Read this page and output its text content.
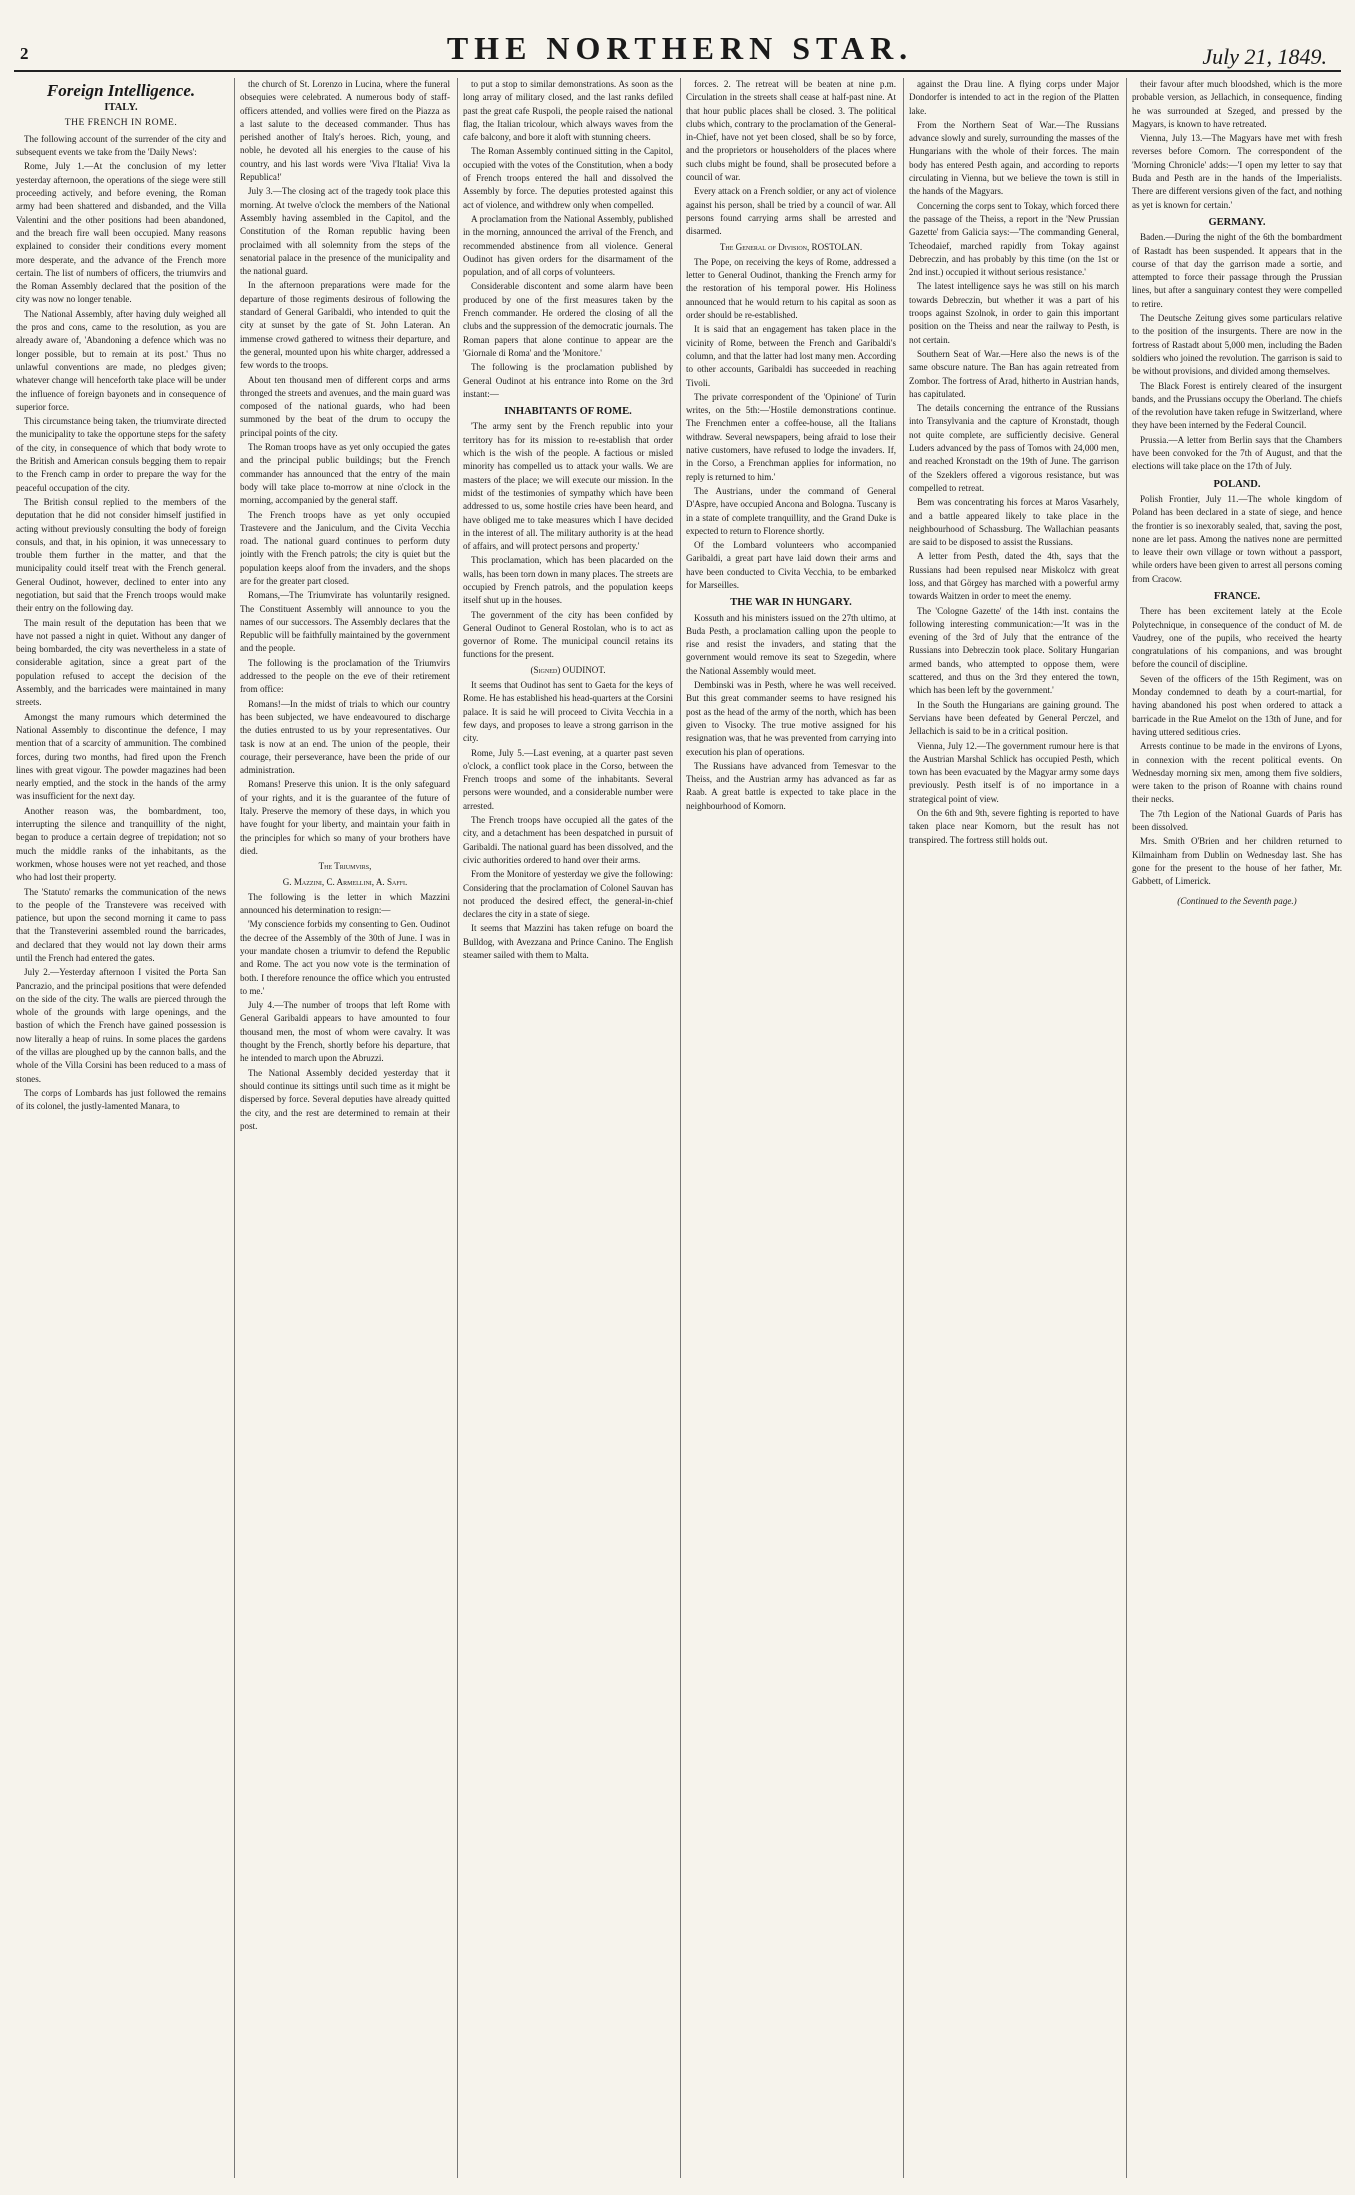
2	THE NORTHERN STAR.	July 21, 1849.
Foreign Intelligence.
ITALY.
THE FRENCH IN ROME.

The following account of the surrender of the city and subsequent events we take from the 'Daily News':

Rome, July 1.—At the conclusion of my letter yesterday afternoon, the operations of the siege were still proceeding actively, and before evening, the Roman army had been shattered and disbanded, and the Villa Valentini and the other positions had been abandoned, and the breach fire wall been occupied. Many reasons explained to consider their conditions every moment more desperate, and the advance of the French more certain. The list of numbers of officers, the triumvirs and the Roman Assembly declared that the position of the city was now no longer tenable.

The National Assembly, after having duly weighed all the pros and cons, came to the resolution, as you are already aware of, 'Abandoning a defence which was no longer possible, but to remain at its post.' Thus no unlawful conventions are made, no pledges given; whatever change will henceforth take place will be under the influence of foreign bayonets and in consequence of superior force.

This circumstance being taken, the triumvirate directed the municipality to take the opportune steps for the safety of the city, in consequence of which that body wrote to the British and American consuls begging them to repair to the French camp in order to prepare the way for the peaceful occupation of the city.

The British consul replied to the members of the deputation that he did not consider himself justified in acting without previously consulting the body of foreign consuls, and that, in his opinion, it was unnecessary to trouble them further in the matter, and that the municipality could itself treat with the French general. General Oudinot, however, declined to enter into any negotiation, but said that the French troops would make their entry on the following day.

The main result of the deputation has been that we have not passed a night in quiet. Without any danger of being bombarded, the city was nevertheless in a state of considerable agitation, since a great part of the population refused to accept the decision of the Assembly, and the barricades were maintained in many streets.

Amongst the many rumours which determined the National Assembly to discontinue the defence, I may mention that of a scarcity of ammunition. The combined forces, during two months, had fired upon the French lines with great vigour. The powder magazines had been nearly emptied, and the stock in the hands of the army was insufficient for the next day.

Another reason was, the bombardment, too, interrupting the silence and tranquillity of the night, began to produce a certain degree of trepidation; not so much the middle ranks of the inhabitants, as the workmen, whose houses were not yet reached, and those who had lost their property.

The 'Statuto' remarks the communication of the news to the people of the Transtevere was received with patience, but upon the second morning it came to pass that the Transteverini assembled round the barricades, and declared that they would not lay down their arms until the French had entered the gates.

July 2.—Yesterday afternoon I visited the Porta San Pancrazio, and the principal positions that were defended on the side of the city. The walls are pierced through the whole of the grounds with large openings, and the bastion of which the French have gained possession is now literally a heap of ruins. In some places the gardens of the villas are ploughed up by the cannon balls, and the whole of the Villa Corsini has been reduced to a mass of stones.

The corps of Lombards has just followed the remains of its colonel, the justly-lamented Manara, to

the church of St. Lorenzo in Lucina, where the funeral obsequies were celebrated. A numerous body of staff-officers attended, and vollies were fired on the Piazza as a last salute to the deceased commander. Thus has perished another of Italy's heroes. Rich, young, and noble, he devoted all his energies to the cause of his country, and his last words were 'Viva l'Italia! Viva la Republica!'

July 3.—The closing act of the tragedy took place this morning. At twelve o'clock the members of the National Assembly having assembled in the Capitol, and the Constitution of the Roman republic having been proclaimed with all solemnity from the steps of the senatorial palace in the presence of the municipality and the national guard.

In the afternoon preparations were made for the departure of those regiments desirous of following the standard of General Garibaldi, who intended to quit the city at sunset by the gate of St. John Lateran. An immense crowd gathered to witness their departure, and the general, mounted upon his white charger, addressed a few words to the troops.

About ten thousand men of different corps and arms thronged the streets and avenues, and the main guard was composed of the national guards, who had been summoned by the beat of the drum to occupy the principal points of the city.

The Roman troops have as yet only occupied the gates and the principal public buildings; but the French commander has announced that the entry of the main body will take place to-morrow at nine o'clock in the morning, accompanied by the general staff.

The French troops have as yet only occupied Trastevere and the Janiculum, and the Civita Vecchia road. The national guard continues to perform duty jointly with the French patrols; the city is quiet but the population keeps aloof from the invaders, and the shops are for the greater part closed.

Romans,—The Triumvirate has voluntarily resigned. The Constituent Assembly will announce to you the names of our successors. The Assembly declares that the Republic will be faithfully maintained by the government and the people.

The following is the proclamation of the Triumvirs addressed to the people on the eve of their retirement from office:

Romans!—In the midst of trials to which our country has been subjected, we have endeavoured to discharge the duties entrusted to us by your representatives. Our task is now at an end. The union of the people, their courage, their perseverance, have been the pride of our administration.

Romans! Preserve this union. It is the only safeguard of your rights, and it is the guarantee of the future of Italy. Preserve the memory of these days, in which you have fought for your liberty, and maintain your faith in the principles for which so many of your brothers have died.

The Triumvirs,
G. Mazzini, C. Armellini, A. Saffi.

The following is the letter in which Mazzini announced his determination to resign:—

'My conscience forbids my consenting to Gen. Oudinot the decree of the Assembly of the 30th of June. I was in your mandate chosen a triumvir to defend the Republic and Rome. The act you now vote is the termination of both. I therefore renounce the office which you entrusted to me.'

July 4.—The number of troops that left Rome with General Garibaldi appears to have amounted to four thousand men, the most of whom were cavalry. It was thought by the French, shortly before his departure, that he intended to march upon the Abruzzi.

The National Assembly decided yesterday that it should continue its sittings until such time as it might be dispersed by force. Several deputies have already quitted the city, and the rest are determined to remain at their post.

to put a stop to similar demonstrations. As soon as the long array of military closed, and the last ranks defiled past the great cafe Ruspoli, the people raised the national flag, the Italian tricolour, which always waves from the cafe balcony, and bore it aloft with stunning cheers.

The Roman Assembly continued sitting in the Capitol, occupied with the votes of the Constitution, when a body of French troops entered the hall and dissolved the Assembly by force. The deputies protested against this act of violence, and withdrew only when compelled.

A proclamation from the National Assembly, published in the morning, announced the arrival of the French, and recommended abstinence from all violence. General Oudinot has given orders for the disarmament of the population, and of all corps of volunteers.

Considerable discontent and some alarm have been produced by one of the first measures taken by the French commander. He ordered the closing of all the clubs and the suppression of the democratic journals. The Roman papers that alone continue to appear are the 'Giornale di Roma' and the 'Monitore.'

The following is the proclamation published by General Oudinot at his entrance into Rome on the 3rd instant:—

INHABITANTS OF ROME.

'The army sent by the French republic into your territory has for its mission to re-establish that order which is the wish of the people. A factious or misled minority has compelled us to attack your walls. We are masters of the place; we will execute our mission. In the midst of the testimonies of sympathy which have been addressed to us, some hostile cries have been heard, and have obliged me to take measures which I have decided in the interest of all. The military authority is at the head of affairs, and will protect persons and property.'

This proclamation, which has been placarded on the walls, has been torn down in many places. The streets are occupied by French patrols, and the population keeps itself shut up in the houses.

The government of the city has been confided by General Oudinot to General Rostolan, who is to act as governor of Rome. The municipal council retains its functions for the present.

(Signed) OUDINOT.

It seems that Oudinot has sent to Gaeta for the keys of Rome. He has established his head-quarters at the Corsini palace. It is said he will proceed to Civita Vecchia in a few days, and proposes to leave a strong garrison in the city.

Rome, July 5.—Last evening, at a quarter past seven o'clock, a conflict took place in the Corso, between the French troops and some of the inhabitants. Several persons were wounded, and a considerable number were arrested.

The French troops have occupied all the gates of the city, and a detachment has been despatched in pursuit of Garibaldi. The national guard has been dissolved, and the civic authorities ordered to hand over their arms.

From the Monitore of yesterday we give the following: Considering that the proclamation of Colonel Sauvan has not produced the desired effect, the general-in-chief declares the city in a state of siege.

It seems that Mazzini has taken refuge on board the Bulldog, with Avezzana and Prince Canino. The English steamer sailed with them to Malta.

forces. 2. The retreat will be beaten at nine p.m. Circulation in the streets shall cease at half-past nine. At that hour public places shall be closed. 3. The political clubs which, contrary to the proclamation of the General-in-Chief, have not yet been closed, shall be so by force, and the proprietors or householders of the places where such clubs might be found, shall be prosecuted before a council of war.

Every attack on a French soldier, or any act of violence against his person, shall be tried by a council of war. All persons found carrying arms shall be arrested and disarmed.

The General of Division, ROSTOLAN.

The Pope, on receiving the keys of Rome, addressed a letter to General Oudinot, thanking the French army for the restoration of his temporal power. His Holiness announced that he would return to his capital as soon as order should be re-established.

It is said that an engagement has taken place in the vicinity of Rome, between the French and Garibaldi's column, and that the latter had lost many men. According to other accounts, Garibaldi has succeeded in reaching Tivoli.

The private correspondent of the 'Opinione' of Turin writes, on the 5th:—'Hostile demonstrations continue. The Frenchmen enter a coffee-house, all the Italians withdraw. Several newspapers, being afraid to lose their native customers, have refused to lodge the invaders. If, in the Corso, a Frenchman applies for information, no reply is returned to him.'

The Austrians, under the command of General D'Aspre, have occupied Ancona and Bologna. Tuscany is in a state of complete tranquillity, and the Grand Duke is expected to return to Florence shortly.

Of the Lombard volunteers who accompanied Garibaldi, a great part have laid down their arms and have been conducted to Civita Vecchia, to be embarked for Marseilles.

THE WAR IN HUNGARY.

Kossuth and his ministers issued on the 27th ultimo, at Buda Pesth, a proclamation calling upon the people to rise and resist the invaders, and stating that the government would remove its seat to Szegedin, where the National Assembly would meet.

Dembinski was in Pesth, where he was well received. But this great commander seems to have resigned his post as the head of the army of the north, which has been given to Visocky. The true motive assigned for his resignation was, that he was prevented from carrying into execution his plan of operations.

The Russians have advanced from Temesvar to the Theiss, and the Austrian army has advanced as far as Raab. A great battle is expected to take place in the neighbourhood of Komorn.

against the Drau line. A flying corps under Major Dondorfer is intended to act in the region of the Platten lake.

From the Northern Seat of War.—The Russians advance slowly and surely, surrounding the masses of the Hungarians with the whole of their forces. The main body has entered Pesth again, and according to reports circulating in Vienna, but we believe the town is still in the hands of the Magyars.

Concerning the corps sent to Tokay, which forced there the passage of the Theiss, a report in the 'New Prussian Gazette' from Galicia says:—'The commanding General, Tcheodaief, marched rapidly from Tokay against Debreczin, and has probably by this time (on the 1st or 2nd inst.) occupied it without serious resistance.'

The latest intelligence says he was still on his march towards Debreczin, but whether it was a part of his troops against Szolnok, in order to gain this important position on the Theiss and near the railway to Pesth, is not certain.

Southern Seat of War.—Here also the news is of the same obscure nature. The Ban has again retreated from Zombor. The fortress of Arad, hitherto in Austrian hands, has capitulated.

The details concerning the entrance of the Russians into Transylvania and the capture of Kronstadt, though not quite complete, are sufficiently decisive. General Luders advanced by the pass of Tomos with 24,000 men, and reached Kronstadt on the 19th of June. The garrison of the Szeklers offered a vigorous resistance, but was compelled to retreat.

Bem was concentrating his forces at Maros Vasarhely, and a battle appeared likely to take place in the neighbourhood of Schassburg. The Wallachian peasants are said to be disposed to assist the Russians.

A letter from Pesth, dated the 4th, says that the Russians had been repulsed near Miskolcz with great loss, and that Görgey has marched with a powerful army towards Waitzen in order to meet the enemy.

The 'Cologne Gazette' of the 14th inst. contains the following interesting communication:—'It was in the evening of the 3rd of July that the entrance of the Russians into Debreczin took place. Solitary Hungarian armed bands, who attempted to oppose them, were scattered, and thus on the 3rd they entered the town, which has been left by the government.'

In the South the Hungarians are gaining ground. The Servians have been defeated by General Perczel, and Jellachich is said to be in a critical position.

Vienna, July 12.—The government rumour here is that the Austrian Marshal Schlick has occupied Pesth, which town has been evacuated by the Magyar army some days previously. Pesth itself is of no importance in a strategical point of view.

On the 6th and 9th, severe fighting is reported to have taken place near Komorn, but the result has not transpired. The fortress still holds out.

their favour after much bloodshed, which is the more probable version, as Jellachich, in consequence, finding he was surrounded at Szeged, and pressed by the Magyars, is known to have retreated.

Vienna, July 13.—The Magyars have met with fresh reverses before Comorn. The correspondent of the 'Morning Chronicle' adds:—'I open my letter to say that Buda and Pesth are in the hands of the Imperialists. There are different versions given of the fact, and nothing as yet is known for certain.'

GERMANY.

Baden.—During the night of the 6th the bombardment of Rastadt has been suspended. It appears that in the course of that day the garrison made a sortie, and attempted to force their passage through the Prussian lines, but after a sanguinary contest they were compelled to retire.

The Deutsche Zeitung gives some particulars relative to the position of the insurgents. There are now in the fortress of Rastadt about 5,000 men, including the Baden soldiers who joined the revolution. The garrison is said to be without provisions, and divided among themselves.

The Black Forest is entirely cleared of the insurgent bands, and the Prussians occupy the Oberland. The chiefs of the revolution have taken refuge in Switzerland, where they have been interned by the Federal Council.

Prussia.—A letter from Berlin says that the Chambers have been convoked for the 7th of August, and that the elections will take place on the 17th of July.

POLAND.

Polish Frontier, July 11.—The whole kingdom of Poland has been declared in a state of siege, and hence the frontier is so inexorably sealed, that, saving the post, none are let pass. Among the natives none are permitted to leave their own village or town without a passport, while orders have been given to arrest all persons coming from Cracow.

FRANCE.

There has been excitement lately at the Ecole Polytechnique, in consequence of the conduct of M. de Vaudrey, one of the pupils, who received the hearty congratulations of his companions, and was brought before the council of discipline.

Seven of the officers of the 15th Regiment, was on Monday condemned to death by a court-martial, for having abandoned his post when ordered to attack a barricade in the Rue Amelot on the 13th of June, and for having uttered seditious cries.

Arrests continue to be made in the environs of Lyons, in connexion with the recent political events. On Wednesday morning six men, among them five soldiers, were taken to the prison of Roanne with chains round their necks.

The 7th Legion of the National Guards of Paris has been dissolved.

Mrs. Smith O'Brien and her children returned to Kilmainham from Dublin on Wednesday last. She has gone for the present to the house of her father, Mr. Gabbett, of Limerick.

(Continued to the Seventh page.)
